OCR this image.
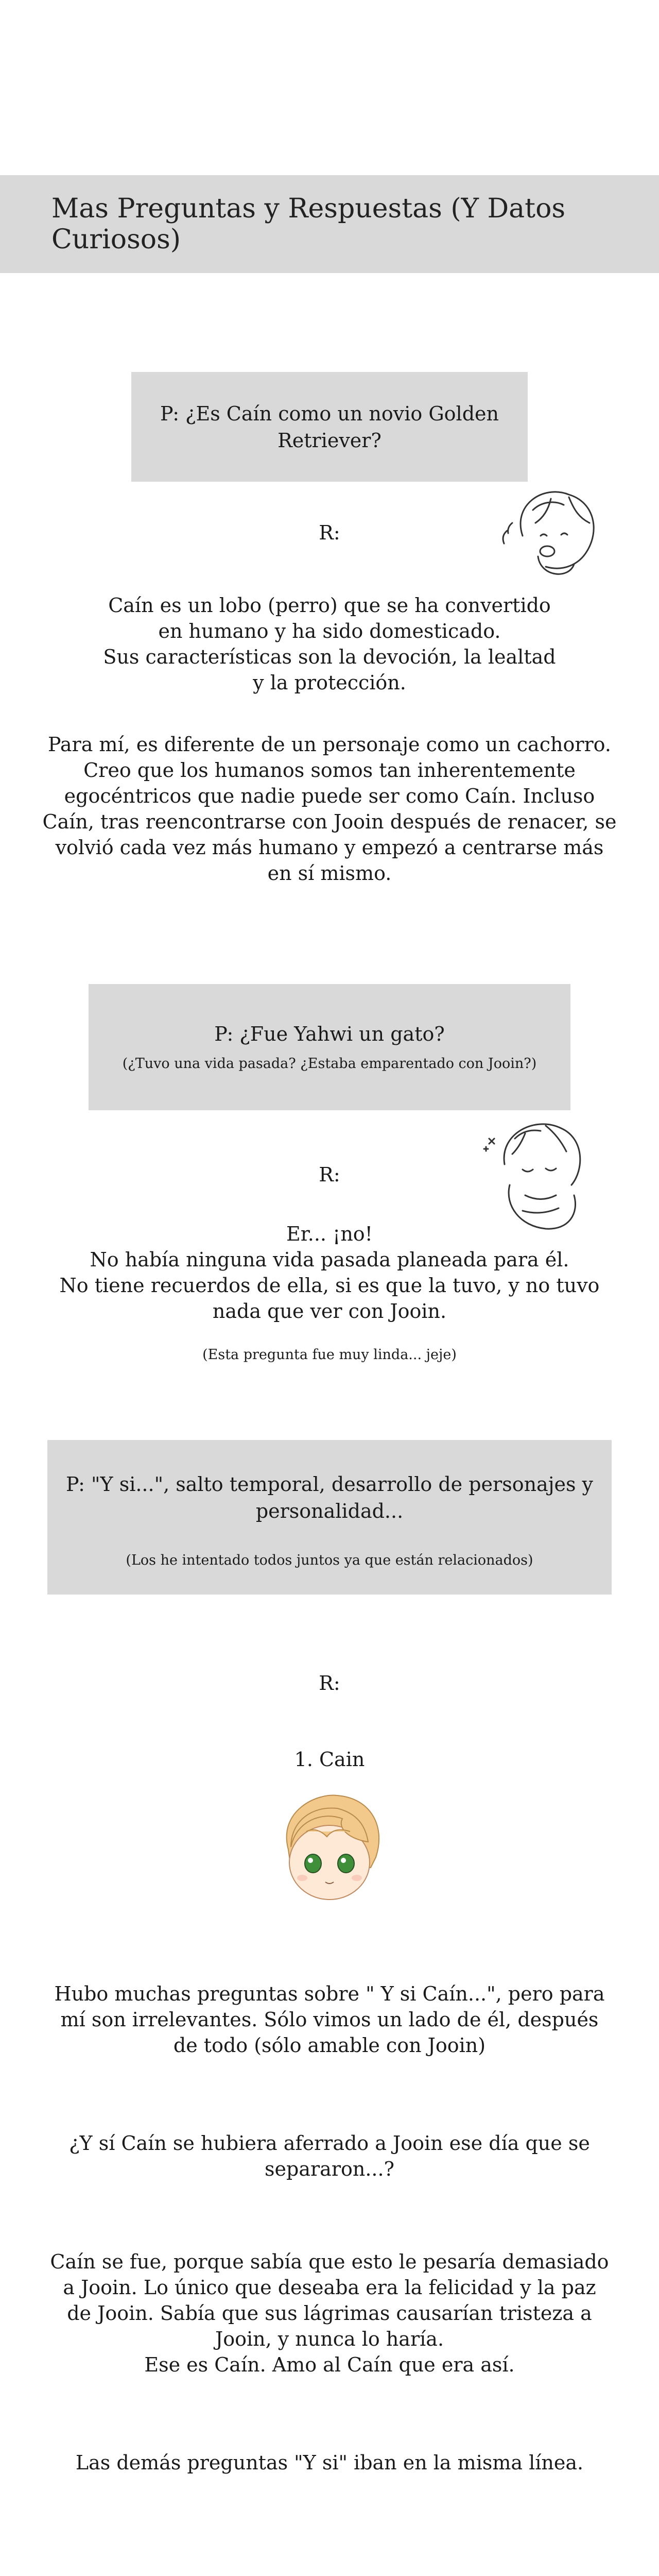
Mas Preguntas y Respuestas (Y Datos Curiosos)
P: ¿Es Caín como un novio Golden
Retriever?
R:
Caín es un lobo (perro) que se ha convertido
en humano y ha sido domesticado.
Sus características son la devoción, la lealtad
y la protección.
Para mí, es diferente de un personaje como un cachorro.
Creo que los humanos somos tan inherentemente
egocéntricos que nadie puede ser como Caín. Incluso
Caín, tras reencontrarse con Jooin después de renacer, se
volvió cada vez más humano y empezó a centrarse más
en sí mismo.
P: ¿Fue Yahwi un gato?
(¿Tuvo una vida pasada? ¿Estaba emparentado con Jooin?)
R:
Er... ¡no!
No había ninguna vida pasada planeada para él.
No tiene recuerdos de ella, si es que la tuvo, y no tuvo
nada que ver con Jooin.
(Esta pregunta fue muy linda... jeje)
P: "Y si...", salto temporal, desarrollo de personajes y
personalidad...
(Los he intentado todos juntos ya que están relacionados)
R:
1. Cain
Hubo muchas preguntas sobre " Y si Caín...", pero para
mí son irrelevantes. Sólo vimos un lado de él, después
de todo (sólo amable con Jooin)
¿Y sí Caín se hubiera aferrado a Jooin ese día que se
separaron...?
Caín se fue, porque sabía que esto le pesaría demasiado
a Jooin. Lo único que deseaba era la felicidad y la paz
de Jooin. Sabía que sus lágrimas causarían tristeza a
Jooin, y nunca lo haría.
Ese es Caín. Amo al Caín que era así.
Las demás preguntas "Y si" iban en la misma línea.
